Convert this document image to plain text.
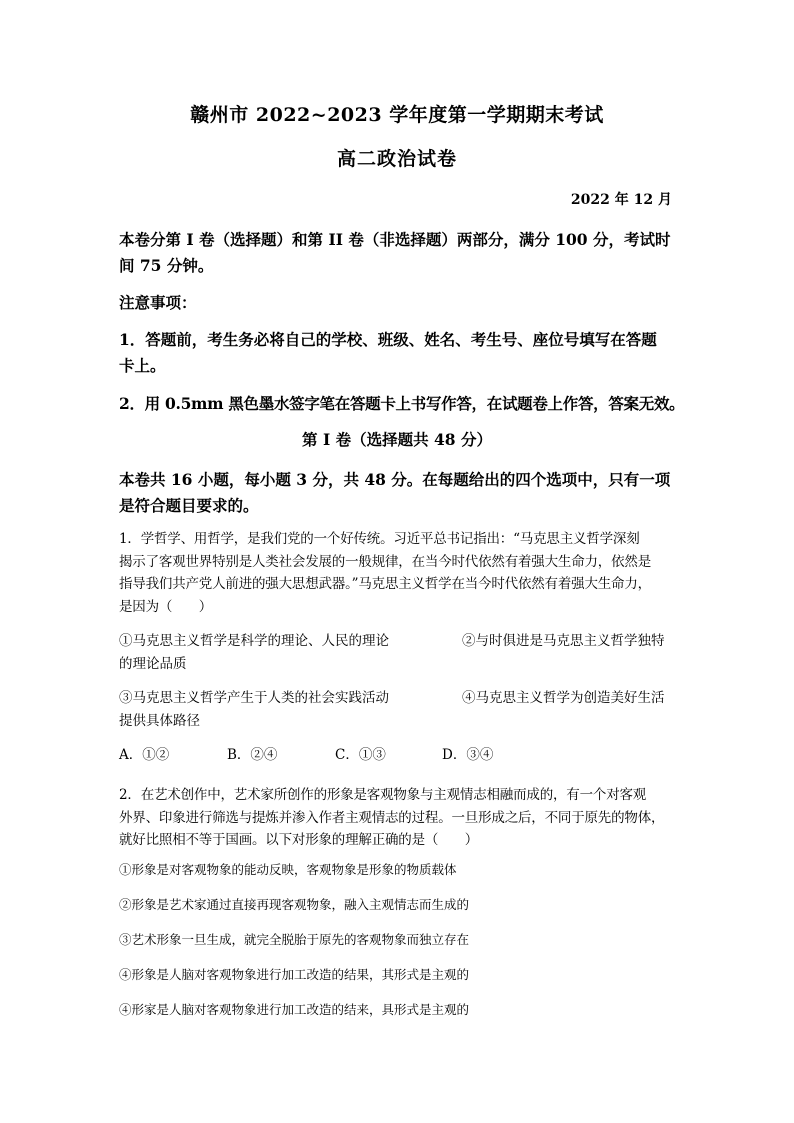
赣州市 2022~2023 学年度第一学期期末考试
高二政治试卷
2022 年 12 月
本卷分第 I 卷（选择题）和第 II 卷（非选择题）两部分，满分 100 分，考试时
间 75 分钟。
注意事项：
1．答题前，考生务必将自己的学校、班级、姓名、考生号、座位号填写在答题
卡上。
2．用 0.5mm 黑色墨水签字笔在答题卡上书写作答，在试题卷上作答，答案无效。
第 I 卷（选择题共 48 分）
本卷共 16 小题，每小题 3 分，共 48 分。在每题给出的四个选项中，只有一项
是符合题目要求的。
1．学哲学、用哲学，是我们党的一个好传统。习近平总书记指出：“马克思主义哲学深刻
揭示了客观世界特别是人类社会发展的一般规律，在当今时代依然有着强大生命力，依然是
指导我们共产党人前进的强大思想武器。”马克思主义哲学在当今时代依然有着强大生命力，
是因为（　　）
①马克思主义哲学是科学的理论、人民的理论	②与时俱进是马克思主义哲学独特
的理论品质
③马克思主义哲学产生于人类的社会实践活动	④马克思主义哲学为创造美好生活
提供具体路径
A．①②	B．②④	C．①③	D．③④
2．在艺术创作中，艺术家所创作的形象是客观物象与主观情志相融而成的，有一个对客观
外界、印象进行筛选与提炼并渗入作者主观情志的过程。一旦形成之后，不同于原先的物体，
就好比照相不等于国画。以下对形象的理解正确的是（　　）
①形象是对客观物象的能动反映，客观物象是形象的物质载体
②形象是艺术家通过直接再现客观物象，融入主观情志而生成的
③艺术形象一旦生成，就完全脱胎于原先的客观物象而独立存在
④形象是人脑对客观物象进行加工改造的结果，其形式是主观的
④形家是人脑对客观物象进行加工改造的结来，具形式是主观的
